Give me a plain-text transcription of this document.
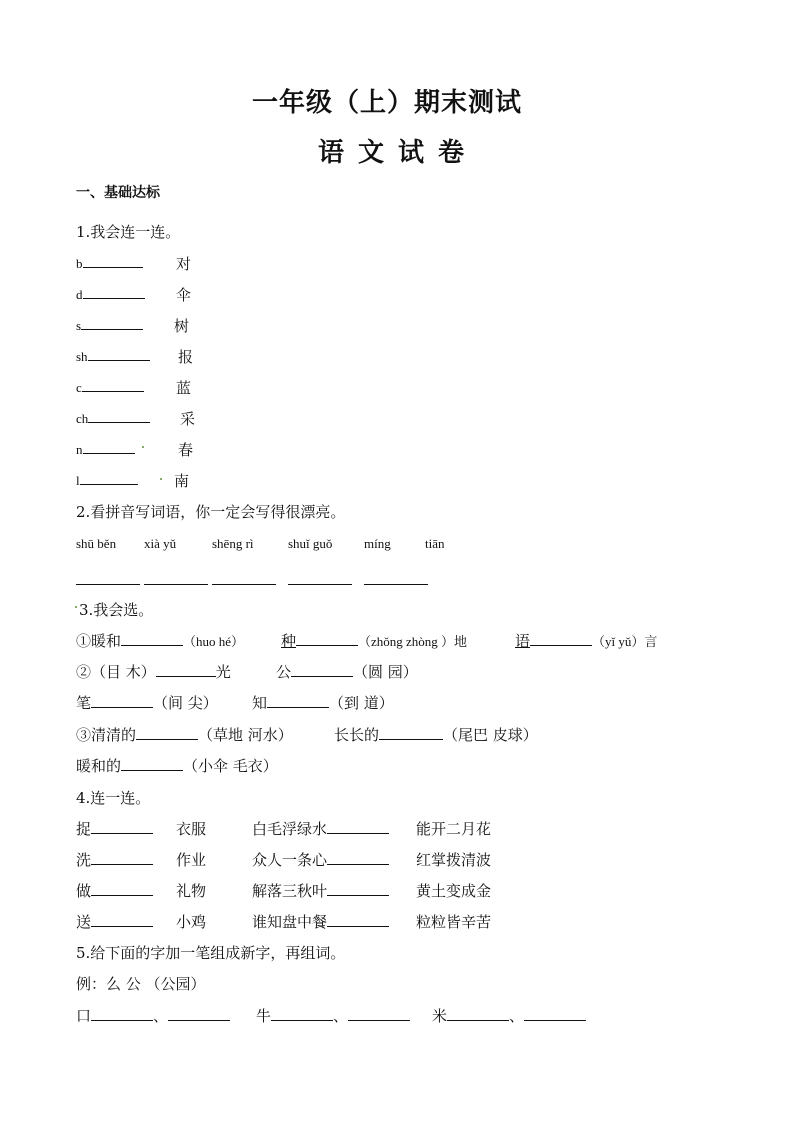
一年级（上）期末测试
语文试卷
一、基础达标
1.我会连一连。
b	对
d	伞
s	树
sh	报
c	蓝
ch	采
n	春
l	南
2.看拼音写词语，你一定会写得很漂亮。
shū běn xià yǔ	shēng rì	shuǐ guǒ míng	tiān
3.我会选。
①暖和	（huo hé） 种	（zhǒng zhòng ）地	语	（yǐ yǔ）言
②（目 木）	光	公	（圆 园）
笔	（间 尖） 知	（到 道）
③清清的	（草地 河水）	长长的	（尾巴 皮球）
暖和的	（小伞 毛衣）
4.连一连。
捉	衣服	白毛浮绿水	能开二月花
洗	作业	众人一条心	红掌拨清波
做	礼物	解落三秋叶	黄土变成金
送	小鸡	谁知盘中餐	粒粒皆辛苦
5.给下面的字加一笔组成新字，再组词。
例：么 公 （公园）
口	、	牛	、	米	、
